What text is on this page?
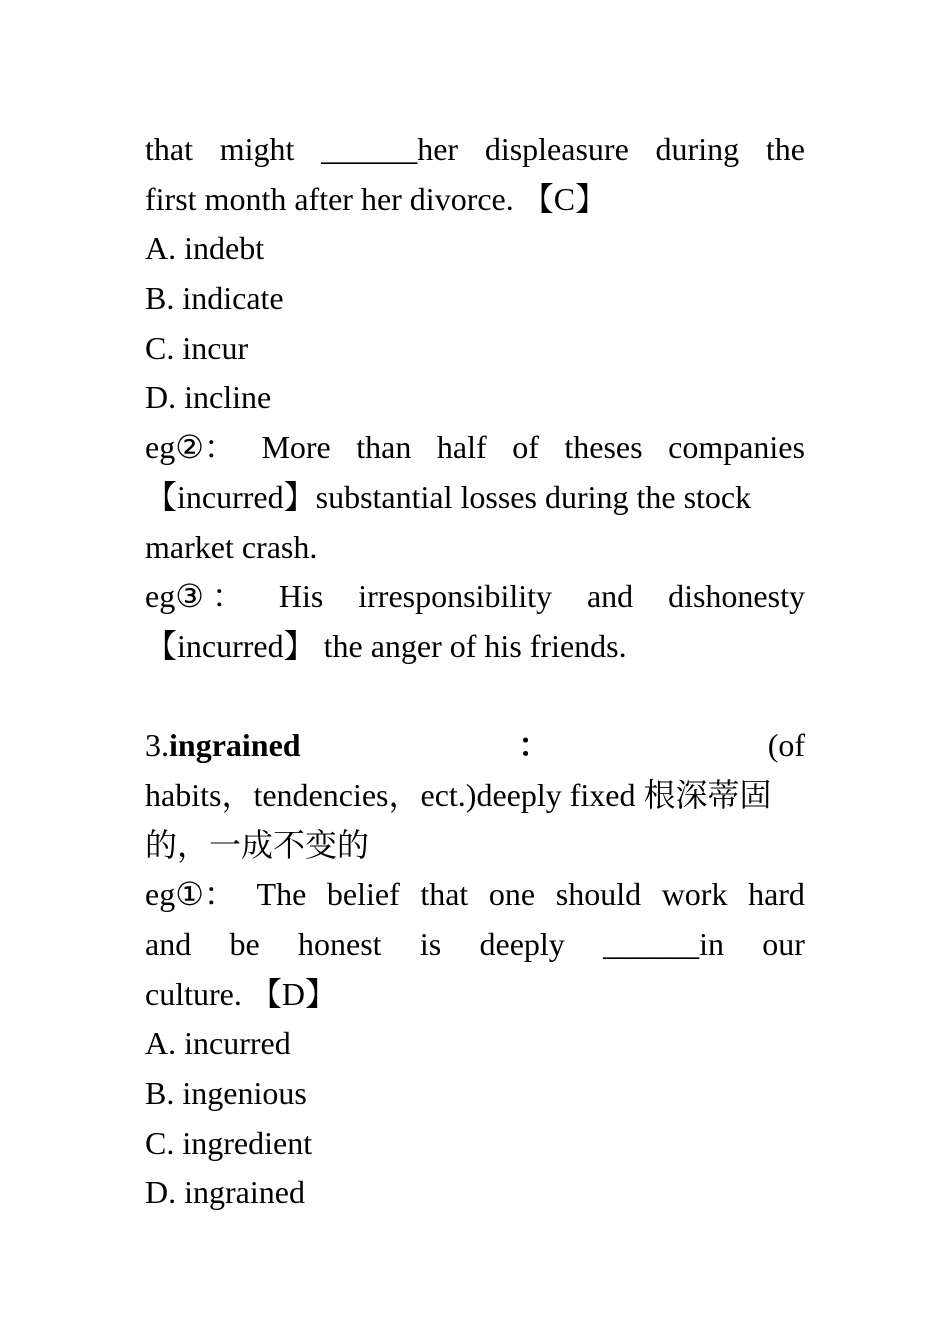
that might ______her displeasure during the
first month after her divorce. 【C】
A. indebt
B. indicate
C. incur
D. incline
eg②： More than half of theses companies
【incurred】substantial losses during the stock
market crash.
eg③ ： His irresponsibility and dishonesty
【incurred】 the anger of his friends.
3.ingrained	：	(of
habits，tendencies，ect.)deeply fixed 根深蒂固
的，一成不变的
eg①： The belief that one should work hard
and be honest is deeply ______in our
culture. 【D】
A. incurred
B. ingenious
C. ingredient
D. ingrained
